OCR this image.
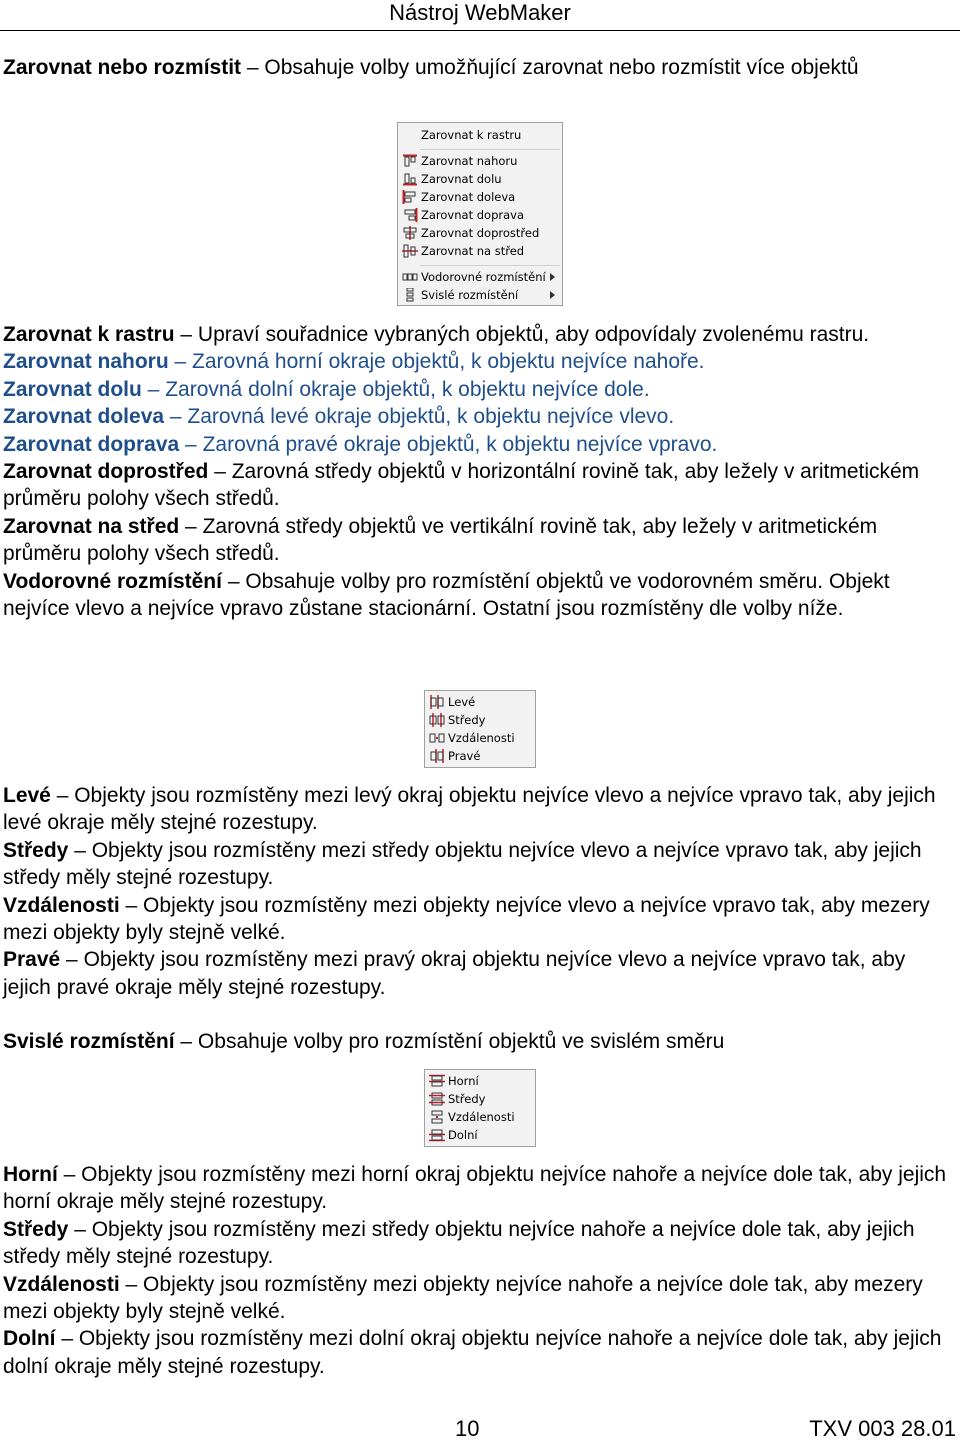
Nástroj WebMaker

Zarovnat nebo rozmístit – Obsahuje volby umožňující zarovnat nebo rozmístit více objektů

Zarovnat k rastru
Zarovnat nahoru
Zarovnat dolu
Zarovnat doleva
Zarovnat doprava
Zarovnat doprostřed
Zarovnat na střed
Vodorovné rozmístění
Svislé rozmístění

Zarovnat k rastru – Upraví souřadnice vybraných objektů, aby odpovídaly zvolenému rastru.
Zarovnat nahoru – Zarovná horní okraje objektů, k objektu nejvíce nahoře.
Zarovnat dolu – Zarovná dolní okraje objektů, k objektu nejvíce dole.
Zarovnat doleva – Zarovná levé okraje objektů, k objektu nejvíce vlevo.
Zarovnat doprava – Zarovná pravé okraje objektů, k objektu nejvíce vpravo.
Zarovnat doprostřed – Zarovná středy objektů v horizontální rovině tak, aby ležely v aritmetickém průměru polohy všech středů.
Zarovnat na střed – Zarovná středy objektů ve vertikální rovině tak, aby ležely v aritmetickém průměru polohy všech středů.
Vodorovné rozmístění – Obsahuje volby pro rozmístění objektů ve vodorovném směru. Objekt nejvíce vlevo a nejvíce vpravo zůstane stacionární. Ostatní jsou rozmístěny dle volby níže.

Levé
Středy
Vzdálenosti
Pravé

Levé – Objekty jsou rozmístěny mezi levý okraj objektu nejvíce vlevo a nejvíce vpravo tak, aby jejich levé okraje měly stejné rozestupy.
Středy – Objekty jsou rozmístěny mezi středy objektu nejvíce vlevo a nejvíce vpravo tak, aby jejich středy měly stejné rozestupy.
Vzdálenosti – Objekty jsou rozmístěny mezi objekty nejvíce vlevo a nejvíce vpravo tak, aby mezery mezi objekty byly stejně velké.
Pravé – Objekty jsou rozmístěny mezi pravý okraj objektu nejvíce vlevo a nejvíce vpravo tak, aby jejich pravé okraje měly stejné rozestupy.

Svislé rozmístění – Obsahuje volby pro rozmístění objektů ve svislém směru

Horní
Středy
Vzdálenosti
Dolní

Horní – Objekty jsou rozmístěny mezi horní okraj objektu nejvíce nahoře a nejvíce dole tak, aby jejich horní okraje měly stejné rozestupy.
Středy – Objekty jsou rozmístěny mezi středy objektu nejvíce nahoře a nejvíce dole tak, aby jejich středy měly stejné rozestupy.
Vzdálenosti – Objekty jsou rozmístěny mezi objekty nejvíce nahoře a nejvíce dole tak, aby mezery mezi objekty byly stejně velké.
Dolní – Objekty jsou rozmístěny mezi dolní okraj objektu nejvíce nahoře a nejvíce dole tak, aby jejich dolní okraje měly stejné rozestupy.

10	TXV 003 28.01
